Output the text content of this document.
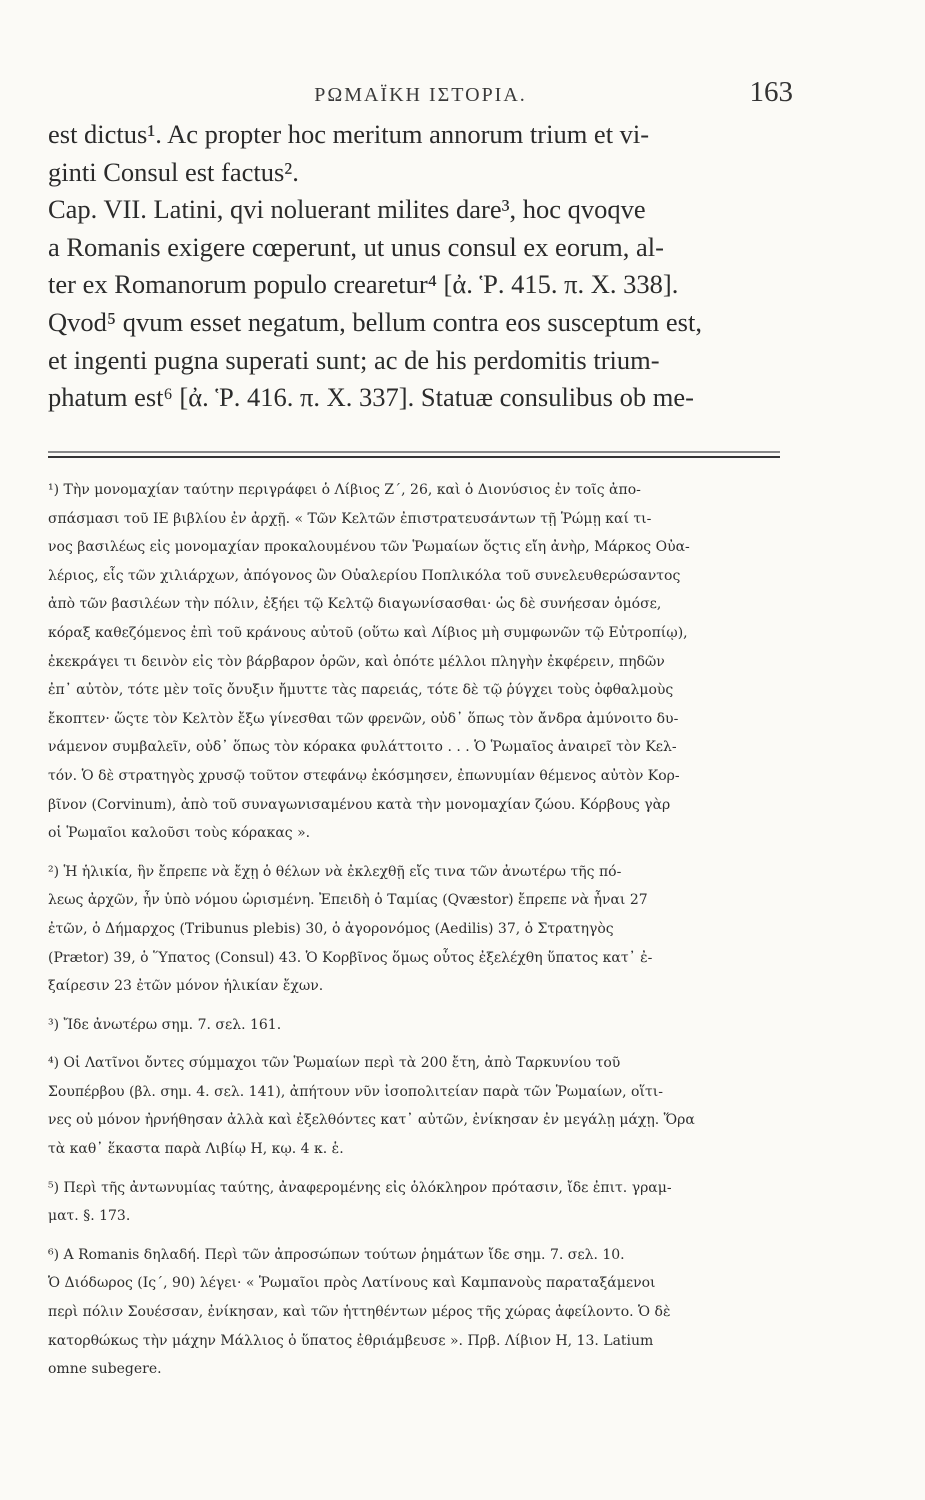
ΡΩΜΑΪΚΗ ΙΣΤΟΡΙΑ.	163
est dictus¹. Ac propter hoc meritum annorum trium et vi-
ginti Consul est factus².
Cap. VII. Latini, qvi noluerant milites dare³, hoc qvoqve
a Romanis exigere cœperunt, ut unus consul ex eorum, al-
ter ex Romanorum populo crearetur⁴ [ἀ. Ῥ. 415. π. X. 338].
Qvod⁵ qvum esset negatum, bellum contra eos susceptum est,
et ingenti pugna superati sunt; ac de his perdomitis trium-
phatum est⁶ [ἀ. Ῥ. 416. π. X. 337]. Statuæ consulibus ob me-
¹) Τὴν μονομαχίαν ταύτην περιγράφει ὁ Λίβιος Ζ΄, 26, καὶ ὁ Διονύσιος ἐν τοῖς ἀπο-
σπάσμασι τοῦ ΙΕ βιβλίου ἐν ἀρχῇ. « Τῶν Κελτῶν ἐπιστρατευσάντων τῇ Ῥώμῃ καί τι-
νος βασιλέως εἰς μονομαχίαν προκαλουμένου τῶν Ῥωμαίων ὅςτις εἴη ἀνὴρ, Μάρκος Οὐα-
λέριος, εἷς τῶν χιλιάρχων, ἀπόγονος ὢν Οὐαλερίου Ποπλικόλα τοῦ συνελευθερώσαντος
ἀπὸ τῶν βασιλέων τὴν πόλιν, ἐξήει τῷ Κελτῷ διαγωνίσασθαι· ὡς δὲ συνήεσαν ὁμόσε,
κόραξ καθεζόμενος ἐπὶ τοῦ κράνους αὐτοῦ (οὕτω καὶ Λίβιος μὴ συμφωνῶν τῷ Εὐτροπίῳ),
ἐκεκράγει τι δεινὸν εἰς τὸν βάρβαρον ὁρῶν, καὶ ὁπότε μέλλοι πληγὴν ἐκφέρειν, πηδῶν
ἐπ᾽ αὐτὸν, τότε μὲν τοῖς ὄνυξιν ἤμυττε τὰς παρειάς, τότε δὲ τῷ ῥύγχει τοὺς ὀφθαλμοὺς
ἔκοπτεν· ὥςτε τὸν Κελτὸν ἔξω γίνεσθαι τῶν φρενῶν, οὐδ᾽ ὅπως τὸν ἄνδρα ἀμύνοιτο δυ-
νάμενον συμβαλεῖν, οὐδ᾽ ὅπως τὸν κόρακα φυλάττοιτο . . . Ὁ Ῥωμαῖος ἀναιρεῖ τὸν Κελ-
τόν. Ὁ δὲ στρατηγὸς χρυσῷ τοῦτον στεφάνῳ ἐκόσμησεν, ἐπωνυμίαν θέμενος αὐτὸν Κορ-
βῖνον (Corvinum), ἀπὸ τοῦ συναγωνισαμένου κατὰ τὴν μονομαχίαν ζώου. Κόρβους γὰρ
οἱ Ῥωμαῖοι καλοῦσι τοὺς κόρακας ».
²) Ἡ ἡλικία, ἣν ἔπρεπε νὰ ἔχῃ ὁ θέλων νὰ ἐκλεχθῇ εἴς τινα τῶν ἀνωτέρω τῆς πό-
λεως ἀρχῶν, ἦν ὑπὸ νόμου ὡρισμένη. Ἐπειδὴ ὁ Ταμίας (Qvæstor) ἔπρεπε νὰ ἦναι 27
ἐτῶν, ὁ Δήμαρχος (Tribunus plebis) 30, ὁ ἀγορονόμος (Aedilis) 37, ὁ Στρατηγὸς
(Prætor) 39, ὁ Ὕπατος (Consul) 43. Ὁ Κορβῖνος ὅμως οὗτος ἐξελέχθη ὕπατος κατ᾽ ἐ-
ξαίρεσιν 23 ἐτῶν μόνον ἡλικίαν ἔχων.
³) Ἴδε ἀνωτέρω σημ. 7. σελ. 161.
⁴) Οἱ Λατῖνοι ὄντες σύμμαχοι τῶν Ῥωμαίων περὶ τὰ 200 ἔτη, ἀπὸ Ταρκυνίου τοῦ
Σουπέρβου (βλ. σημ. 4. σελ. 141), ἀπήτουν νῦν ἰσοπολιτείαν παρὰ τῶν Ῥωμαίων, οἵτι-
νες οὐ μόνον ἠρνήθησαν ἀλλὰ καὶ ἐξελθόντες κατ᾽ αὐτῶν, ἐνίκησαν ἐν μεγάλῃ μάχῃ. Ὅρα
τὰ καθ᾽ ἕκαστα παρὰ Λιβίῳ Η, κῳ. 4 κ. ἑ.
⁵) Περὶ τῆς ἀντωνυμίας ταύτης, ἀναφερομένης εἰς ὁλόκληρον πρότασιν, ἴδε ἐπιτ. γραμ-
ματ. §. 173.
⁶) A Romanis δηλαδή. Περὶ τῶν ἀπροσώπων τούτων ῥημάτων ἴδε σημ. 7. σελ. 10.
Ὁ Διόδωρος (Ις΄, 90) λέγει· « Ῥωμαῖοι πρὸς Λατίνους καὶ Καμπανοὺς παραταξάμενοι
περὶ πόλιν Σουέσσαν, ἐνίκησαν, καὶ τῶν ἡττηθέντων μέρος τῆς χώρας ἀφείλοντο. Ὁ δὲ
κατορθώκως τὴν μάχην Μάλλιος ὁ ὕπατος ἐθριάμβευσε ». Πρβ. Λίβιον Η, 13. Latium
omne subegere.
